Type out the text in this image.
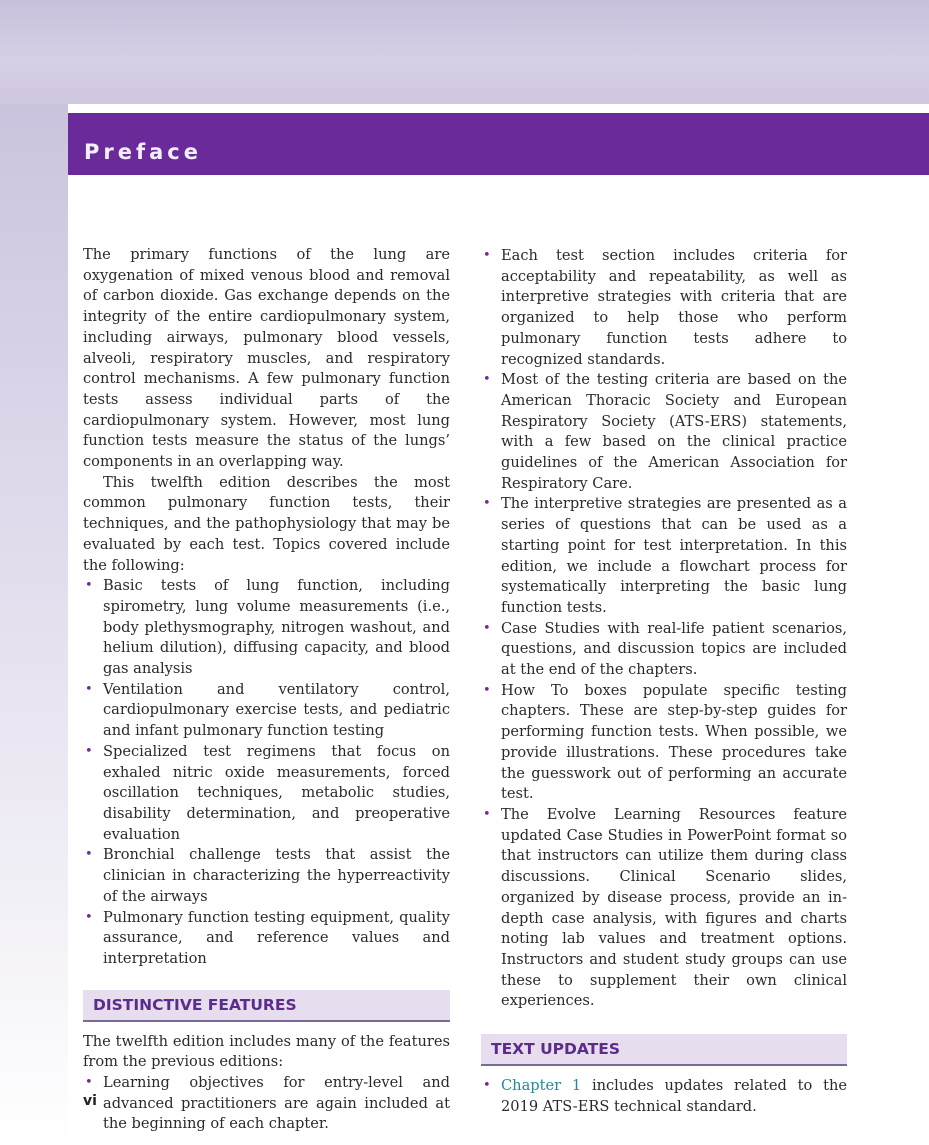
Preface

The primary functions of the lung are oxygenation of mixed venous blood and removal of carbon dioxide. Gas exchange depends on the integrity of the entire cardiopulmonary system, including airways, pulmonary blood vessels, alveoli, respiratory muscles, and respiratory control mechanisms. A few pulmonary function tests assess individual parts of the cardiopulmonary system. However, most lung function tests measure the status of the lungs’ components in an overlapping way.

This twelfth edition describes the most common pulmonary function tests, their techniques, and the pathophysiology that may be evaluated by each test. Topics covered include the following:

• Basic tests of lung function, including spirometry, lung volume measurements (i.e., body plethysmography, nitrogen washout, and helium dilution), diffusing capacity, and blood gas analysis
• Ventilation and ventilatory control, cardiopulmonary exercise tests, and pediatric and infant pulmonary function testing
• Specialized test regimens that focus on exhaled nitric oxide measurements, forced oscillation techniques, metabolic studies, disability determination, and preoperative evaluation
• Bronchial challenge tests that assist the clinician in characterizing the hyperreactivity of the airways
• Pulmonary function testing equipment, quality assurance, and reference values and interpretation
DISTINCTIVE FEATURES

The twelfth edition includes many of the features from the previous editions:

• Learning objectives for entry-level and advanced practitioners are again included at the beginning of each chapter.
• Each test section includes criteria for acceptability and repeatability, as well as interpretive strategies with criteria that are organized to help those who perform pulmonary function tests adhere to recognized standards.
• Most of the testing criteria are based on the American Thoracic Society and European Respiratory Society (ATS-ERS) statements, with a few based on the clinical practice guidelines of the American Association for Respiratory Care.
• The interpretive strategies are presented as a series of questions that can be used as a starting point for test interpretation. In this edition, we include a flowchart process for systematically interpreting the basic lung function tests.
• Case Studies with real-life patient scenarios, questions, and discussion topics are included at the end of the chapters.
• How To boxes populate specific testing chapters. These are step-by-step guides for performing function tests. When possible, we provide illustrations. These procedures take the guesswork out of performing an accurate test.
• The Evolve Learning Resources feature updated Case Studies in PowerPoint format so that instructors can utilize them during class discussions. Clinical Scenario slides, organized by disease process, provide an in-depth case analysis, with figures and charts noting lab values and treatment options. Instructors and student study groups can use these to supplement their own clinical experiences.
TEXT UPDATES
• Chapter 1 includes updates related to the 2019 ATS-ERS technical standard.
vi
